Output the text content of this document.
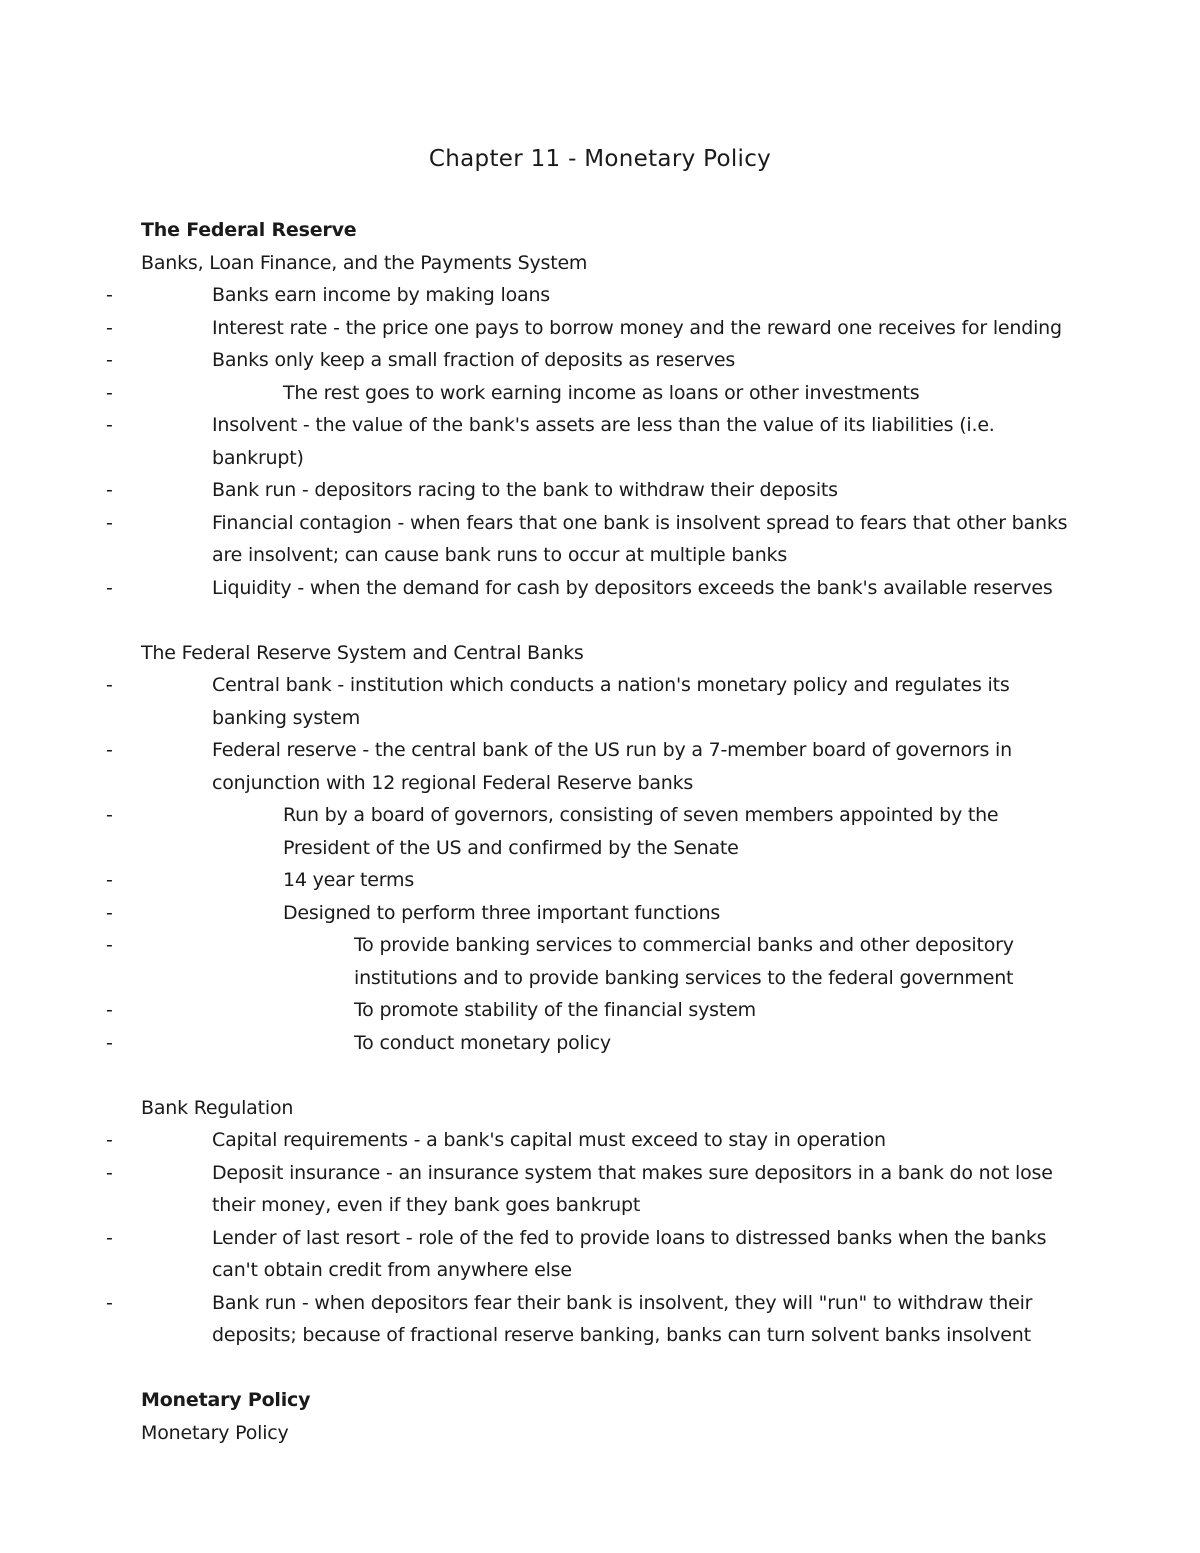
Chapter 11 - Monetary Policy
The Federal Reserve
Banks, Loan Finance, and the Payments System
- Banks earn income by making loans
- Interest rate - the price one pays to borrow money and the reward one receives for lending
- Banks only keep a small fraction of deposits as reserves
- The rest goes to work earning income as loans or other investments
- Insolvent - the value of the bank's assets are less than the value of its liabilities (i.e. bankrupt)
- Bank run - depositors racing to the bank to withdraw their deposits
- Financial contagion - when fears that one bank is insolvent spread to fears that other banks are insolvent; can cause bank runs to occur at multiple banks
- Liquidity - when the demand for cash by depositors exceeds the bank's available reserves
The Federal Reserve System and Central Banks
- Central bank - institution which conducts a nation's monetary policy and regulates its banking system
- Federal reserve - the central bank of the US run by a 7-member board of governors in conjunction with 12 regional Federal Reserve banks
- Run by a board of governors, consisting of seven members appointed by the President of the US and confirmed by the Senate
- 14 year terms
- Designed to perform three important functions
- To provide banking services to commercial banks and other depository institutions and to provide banking services to the federal government
- To promote stability of the financial system
- To conduct monetary policy
Bank Regulation
- Capital requirements - a bank's capital must exceed to stay in operation
- Deposit insurance - an insurance system that makes sure depositors in a bank do not lose their money, even if they bank goes bankrupt
- Lender of last resort - role of the fed to provide loans to distressed banks when the banks can't obtain credit from anywhere else
- Bank run - when depositors fear their bank is insolvent, they will "run" to withdraw their deposits; because of fractional reserve banking, banks can turn solvent banks insolvent
Monetary Policy
Monetary Policy
